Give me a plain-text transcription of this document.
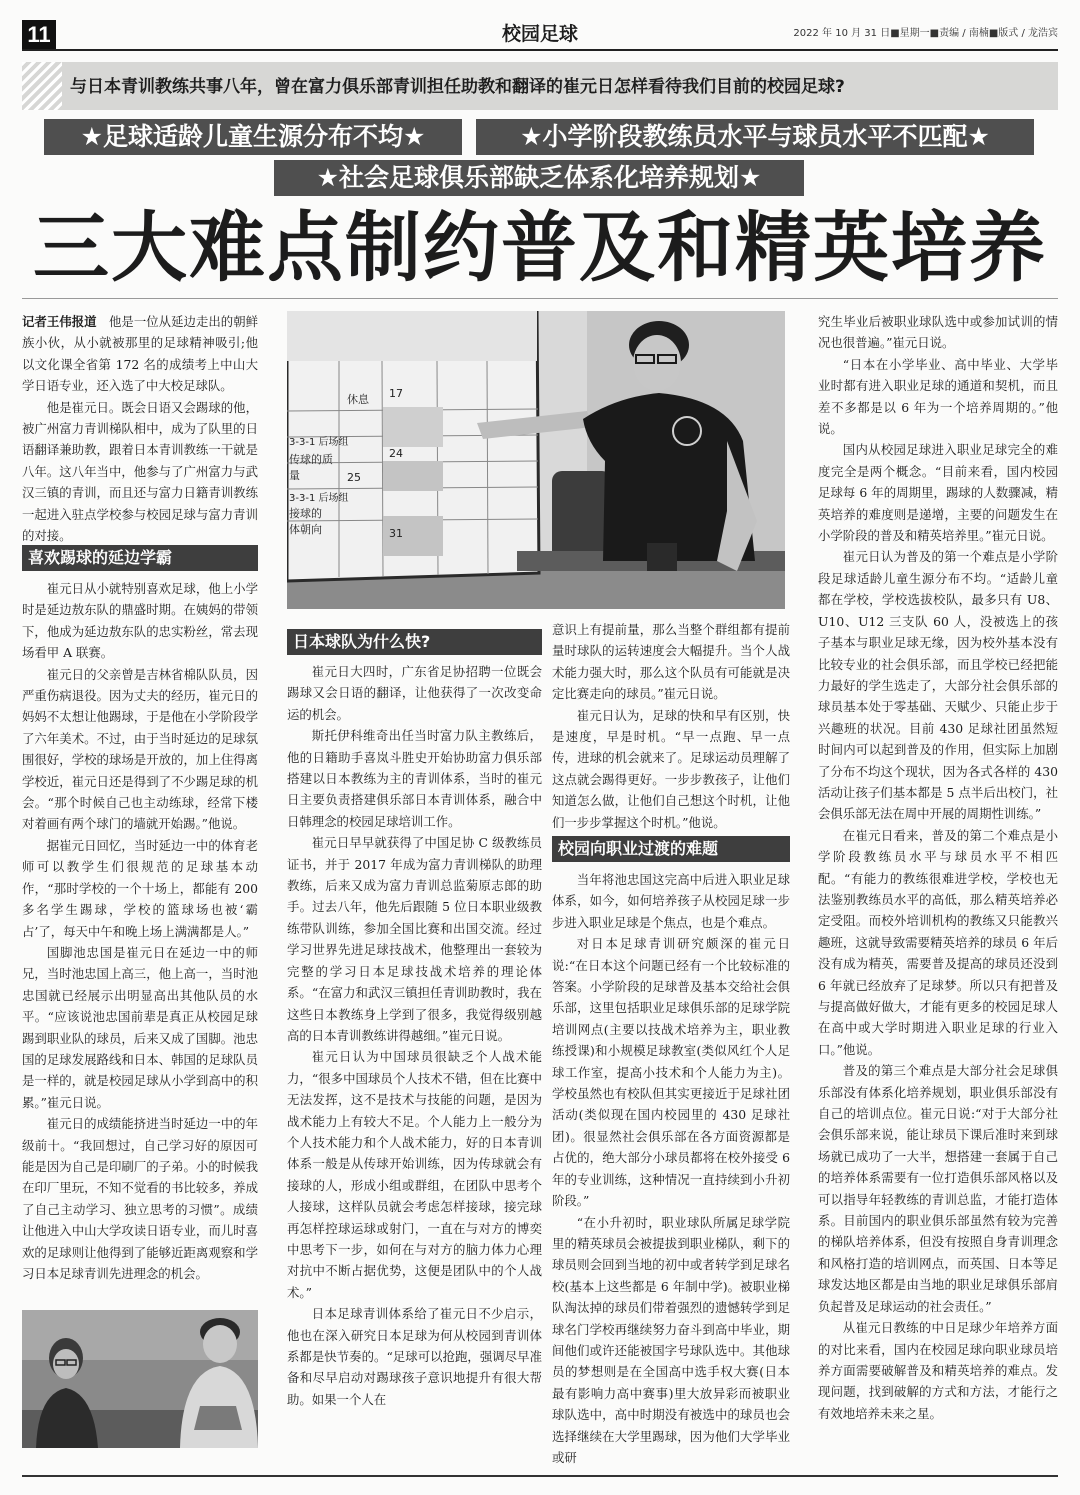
11	校园足球	2022 年 10 月 31 日■星期一■责编 / 南楠■版式 / 龙浩宾
与日本青训教练共事八年，曾在富力俱乐部青训担任助教和翻译的崔元日怎样看待我们目前的校园足球?
★足球适龄儿童生源分布不均★	★小学阶段教练员水平与球员水平不匹配★
★社会足球俱乐部缺乏体系化培养规划★
三大难点制约普及和精英培养

记者王伟报道　 他是一位从延边走出的朝鲜族小伙，从小就被那里的足球精神吸引;他以文化课全省第 172 名的成绩考上中山大学日语专业，还入选了中大校足球队。

他是崔元日。既会日语又会踢球的他，被广州富力青训梯队相中，成为了队里的日语翻译兼助教，跟着日本青训教练一干就是八年。这八年当中，他参与了广州富力与武汉三镇的青训，而且还与富力日籍青训教练一起进入驻点学校参与校园足球与富力青训的对接。

喜欢踢球的延边学霸

崔元日从小就特别喜欢足球，他上小学时是延边敖东队的鼎盛时期。在姨妈的带领下，他成为延边敖东队的忠实粉丝，常去现场看甲 A 联赛。

崔元日的父亲曾是吉林省棉队队员，因严重伤病退役。因为丈夫的经历，崔元日的妈妈不太想让他踢球，于是他在小学阶段学了六年美术。不过，由于当时延边的足球氛围很好，学校的球场是开放的，加上住得离学校近，崔元日还是得到了不少踢足球的机会。“那个时候自己也主动练球，经常下楼对着画有两个球门的墙就开始踢。”他说。

据崔元日回忆，当时延边一中的体育老师可以教学生们很规范的足球基本动作，“那时学校的一个十场上，都能有 200 多名学生踢球，学校的篮球场也被‘霸占’了，每天中午和晚上场上满满都是人。”

国脚池忠国是崔元日在延边一中的师兄，当时池忠国上高三，他上高一，当时池忠国就已经展示出明显高出其他队员的水平。“应该说池忠国前辈是真正从校园足球踢到职业队的球员，后来又成了国脚。池忠国的足球发展路线和日本、韩国的足球队员是一样的，就是校园足球从小学到高中的积累。”崔元日说。

崔元日的成绩能挤进当时延边一中的年级前十。“我回想过，自己学习好的原因可能是因为自己是印刷厂的子弟。小的时候我在印厂里玩，不知不觉看的书比较多，养成了自己主动学习、独立思考的习惯”。成绩让他进入中山大学攻读日语专业，而儿时喜欢的足球则让他得到了能够近距离观察和学习日本足球青训先进理念的机会。

休息 17
3-3-1 后场组
传球的质
量
24
25
3-3-1 后场组
接球的
体朝向	31
日本球队为什么快?

崔元日大四时，广东省足协招聘一位既会踢球又会日语的翻译，让他获得了一次改变命运的机会。

斯托伊科维奇出任当时富力队主教练后，他的日籍助手喜岚斗胜史开始协助富力俱乐部搭建以日本教练为主的青训体系，当时的崔元日主要负责搭建俱乐部日本青训体系，融合中日韩理念的校园足球培训工作。

崔元日早早就获得了中国足协 C 级教练员证书，并于 2017 年成为富力青训梯队的助理教练，后来又成为富力青训总监菊原志郎的助手。过去八年，他先后跟随 5 位日本职业级教练带队训练，参加全国比赛和出国交流。经过学习世界先进足球技战术，他整理出一套较为完整的学习日本足球技战术培养的理论体系。“在富力和武汉三镇担任青训助教时，我在这些日本教练身上学到了很多，我觉得级别越高的日本青训教练讲得越细。”崔元日说。

崔元日认为中国球员很缺乏个人战术能力，“很多中国球员个人技术不错，但在比赛中无法发挥，这不是技术与技能的问题，是因为战术能力上有较大不足。个人能力上一般分为个人技术能力和个人战术能力，好的日本青训体系一般是从传球开始训练，因为传球就会有接球的人，形成小组或群组，在团队中思考个人接球，这样队员就会考虑怎样接球，接完球再怎样控球运球或射门，一直在与对方的博奕中思考下一步，如何在与对方的脑力体力心理对抗中不断占据优势，这便是团队中的个人战术。”

日本足球青训体系给了崔元日不少启示，他也在深入研究日本足球为何从校园到青训体系都是快节奏的。“足球可以抢跑，强调尽早准备和尽早启动对踢球孩子意识地提升有很大帮助。如果一个人在

意识上有提前量，那么当整个群组都有提前量时球队的运转速度会大幅提升。当个人战术能力强大时，那么这个队员有可能就是决定比赛走向的球员。”崔元日说。

崔元日认为，足球的快和早有区别，快是速度，早是时机。“早一点跑、早一点传，进球的机会就来了。足球运动员理解了这点就会踢得更好。一步步教孩子，让他们知道怎么做，让他们自己想这个时机，让他们一步步掌握这个时机。”他说。

校园向职业过渡的难题

当年将池忠国这完高中后进入职业足球体系，如今，如何培养孩子从校园足球一步步进入职业足球是个焦点，也是个难点。

对日本足球青训研究颇深的崔元日说:“在日本这个问题已经有一个比较标准的答案。小学阶段的足球普及基本交给社会俱乐部，这里包括职业足球俱乐部的足球学院培训网点(主要以技战术培养为主，职业教练授课)和小规模足球教室(类似风红个人足球工作室，提高小技术和个人能力为主)。学校虽然也有校队但其实更接近于足球社团活动(类似现在国内校园里的 430 足球社团)。很显然社会俱乐部在各方面资源都是占优的，绝大部分小球员都将在校外接受 6 年的专业训练，这种情况一直持续到小升初阶段。”

“在小升初时，职业球队所属足球学院里的精英球员会被提拔到职业梯队，剩下的球员则会回到当地的初中或者转学到足球名校(基本上这些都是 6 年制中学)。被职业梯队淘汰掉的球员们带着强烈的遗憾转学到足球名门学校再继续努力奋斗到高中毕业，期间他们或许还能被国字号球队选中。其他球员的梦想则是在全国高中选手权大赛(日本最有影响力高中赛事)里大放异彩而被职业球队选中，高中时期没有被选中的球员也会选择继续在大学里踢球，因为他们大学毕业或研

究生毕业后被职业球队选中或参加试训的情况也很普遍。”崔元日说。

“日本在小学毕业、高中毕业、大学毕业时都有进入职业足球的通道和契机，而且差不多都是以 6 年为一个培养周期的。”他说。

国内从校园足球进入职业足球完全的难度完全是两个概念。“目前来看，国内校园足球每 6 年的周期里，踢球的人数骤减，精英培养的难度则是递增，主要的问题发生在小学阶段的普及和精英培养里。”崔元日说。

崔元日认为普及的第一个难点是小学阶段足球适龄儿童生源分布不均。“适龄儿童都在学校，学校选拔校队，最多只有 U8、U10、U12 三支队 60 人，没被选上的孩子基本与职业足球无缘，因为校外基本没有比较专业的社会俱乐部，而且学校已经把能力最好的学生选走了，大部分社会俱乐部的球员基本处于零基础、天赋少、只能止步于兴趣班的状况。目前 430 足球社团虽然短时间内可以起到普及的作用，但实际上加剧了分布不均这个现状，因为各式各样的 430 活动让孩子们基本都是 5 点半后出校门，社会俱乐部无法在周中开展的周期性训练。”

在崔元日看来，普及的第二个难点是小学阶段教练员水平与球员水平不相匹配。“有能力的教练很难进学校，学校也无法鉴别教练员水平的高低，那么精英培养必定受阻。而校外培训机构的教练又只能教兴趣班，这就导致需要精英培养的球员 6 年后没有成为精英，需要普及提高的球员还没到 6 年就已经放弃了足球梦。所以只有把普及与提高做好做大，才能有更多的校园足球人在高中或大学时期进入职业足球的行业入口。”他说。

普及的第三个难点是大部分社会足球俱乐部没有体系化培养规划，职业俱乐部没有自己的培训点位。崔元日说:“对于大部分社会俱乐部来说，能让球员下课后准时来到球场就已成功了一大半，想搭建一套属于自己的培养体系需要有一位打造俱乐部风格以及可以指导年轻教练的青训总监，才能打造体系。目前国内的职业俱乐部虽然有较为完善的梯队培养体系，但没有按照自身青训理念和风格打造的培训网点，而英国、日本等足球发达地区都是由当地的职业足球俱乐部肩负起普及足球运动的社会责任。”

从崔元日教练的中日足球少年培养方面的对比来看，国内在校园足球向职业球员培养方面需要破解普及和精英培养的难点。发现问题，找到破解的方式和方法，才能行之有效地培养未来之星。
